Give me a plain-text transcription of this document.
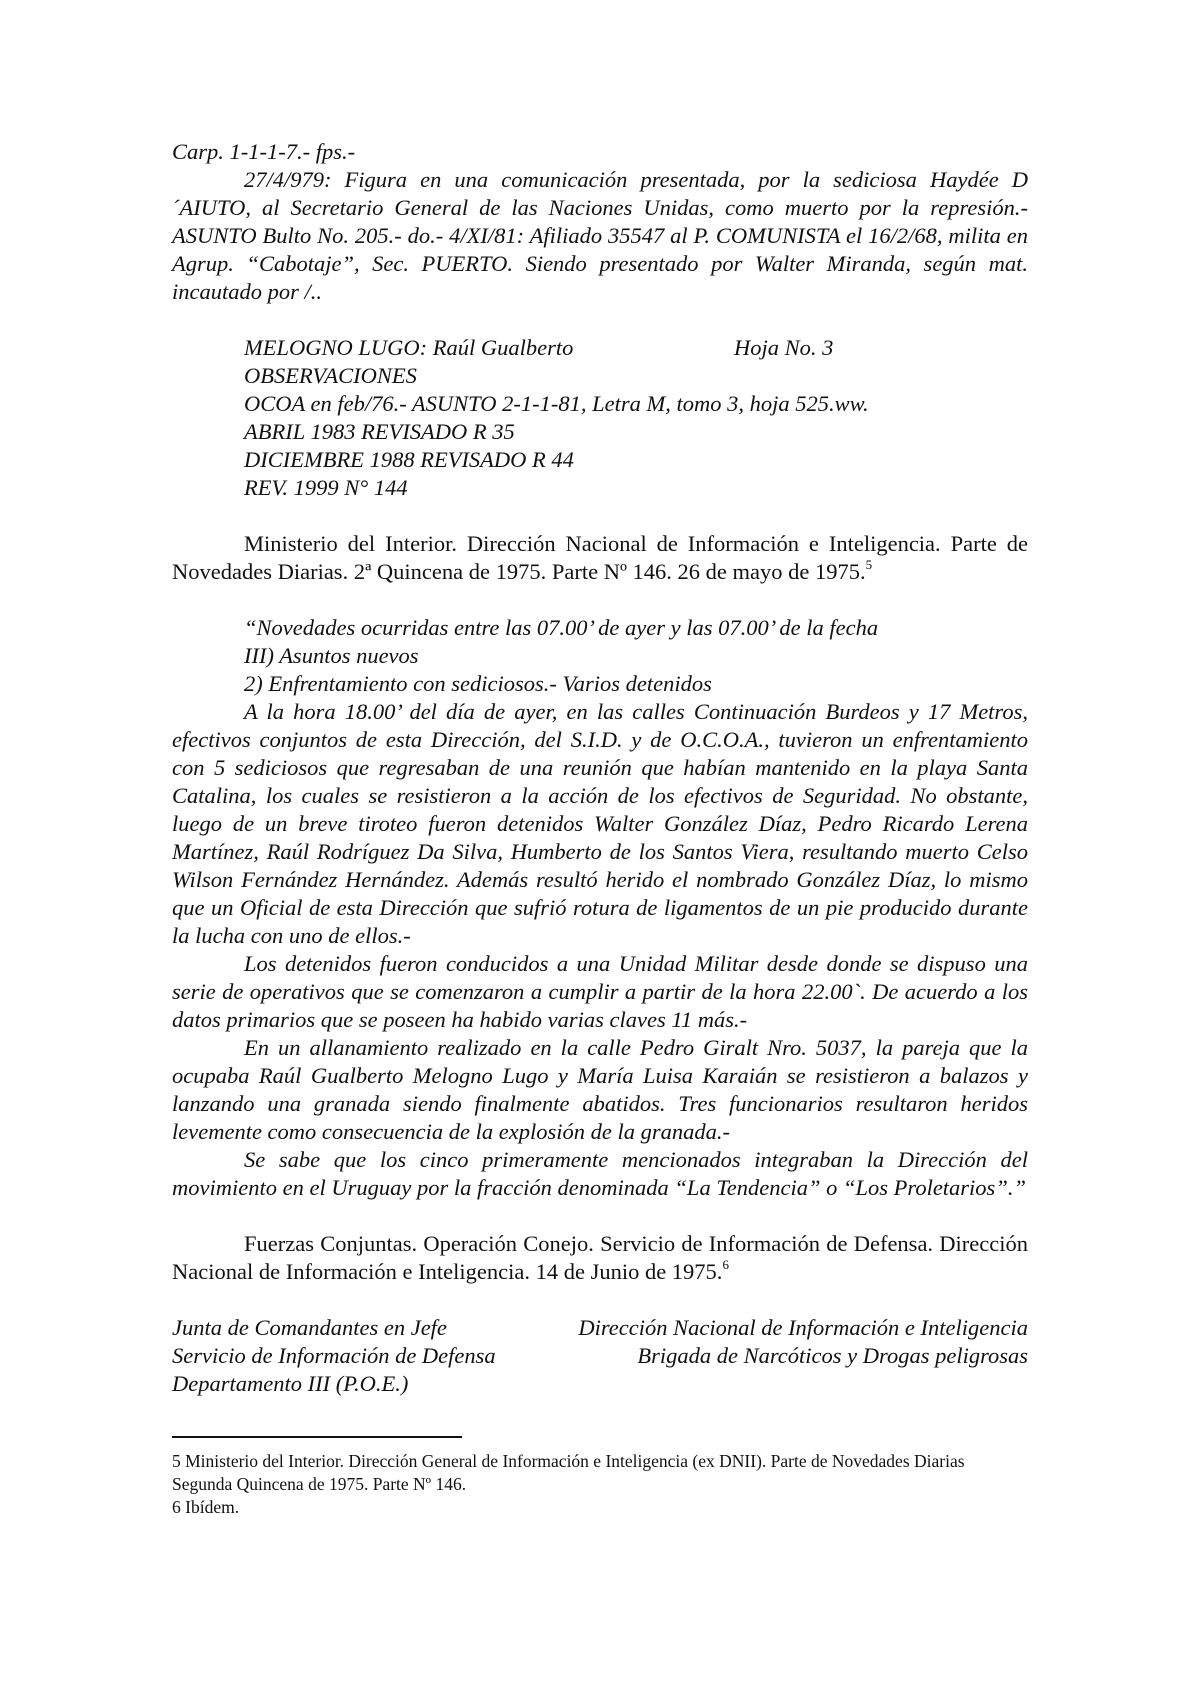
Carp. 1-1-1-7.- fps.-

27/4/979: Figura en una comunicación presentada, por la sediciosa Haydée D´AIUTO, al Secretario General de las Naciones Unidas, como muerto por la represión.- ASUNTO Bulto No. 205.- do.- 4/XI/81: Afiliado 35547 al P. COMUNISTA el 16/2/68, milita en Agrup. “Cabotaje”, Sec. PUERTO. Siendo presentado por Walter Miranda, según mat. incautado por /..

MELOGNO LUGO: Raúl Gualberto	Hoja No. 3

OBSERVACIONES

OCOA en feb/76.- ASUNTO 2-1-1-81, Letra M, tomo 3, hoja 525.ww.

ABRIL 1983 REVISADO R 35

DICIEMBRE 1988 REVISADO R 44

REV. 1999 N° 144

Ministerio del Interior. Dirección Nacional de Información e Inteligencia. Parte de Novedades Diarias. 2ª Quincena de 1975. Parte Nº 146. 26 de mayo de 1975.$^5$

“Novedades ocurridas entre las 07.00’ de ayer y las 07.00’ de la fecha

III) Asuntos nuevos

2) Enfrentamiento con sediciosos.- Varios detenidos

A la hora 18.00’ del día de ayer, en las calles Continuación Burdeos y 17 Metros, efectivos conjuntos de esta Dirección, del S.I.D. y de O.C.O.A., tuvieron un enfrentamiento con 5 sediciosos que regresaban de una reunión que habían mantenido en la playa Santa Catalina, los cuales se resistieron a la acción de los efectivos de Seguridad. No obstante, luego de un breve tiroteo fueron detenidos Walter González Díaz, Pedro Ricardo Lerena Martínez, Raúl Rodríguez Da Silva, Humberto de los Santos Viera, resultando muerto Celso Wilson Fernández Hernández. Además resultó herido el nombrado González Díaz, lo mismo que un Oficial de esta Dirección que sufrió rotura de ligamentos de un pie producido durante la lucha con uno de ellos.-

Los detenidos fueron conducidos a una Unidad Militar desde donde se dispuso una serie de operativos que se comenzaron a cumplir a partir de la hora 22.00`. De acuerdo a los datos primarios que se poseen ha habido varias claves 11 más.-

En un allanamiento realizado en la calle Pedro Giralt Nro. 5037, la pareja que la ocupaba Raúl Gualberto Melogno Lugo y María Luisa Karaián se resistieron a balazos y lanzando una granada siendo finalmente abatidos. Tres funcionarios resultaron heridos levemente como consecuencia de la explosión de la granada.-

Se sabe que los cinco primeramente mencionados integraban la Dirección del movimiento en el Uruguay por la fracción denominada “La Tendencia” o “Los Proletarios”.”

Fuerzas Conjuntas. Operación Conejo. Servicio de Información de Defensa. Dirección Nacional de Información e Inteligencia. 14 de Junio de 1975.$^6$

Junta de Comandantes en Jefe	Dirección Nacional de Información e Inteligencia
Servicio de Información de Defensa	Brigada de Narcóticos y Drogas peligrosas

Departamento III (P.O.E.)

5 Ministerio del Interior. Dirección General de Información e Inteligencia (ex DNII). Parte de Novedades Diarias Segunda Quincena de 1975. Parte Nº 146.

6 Ibídem.
